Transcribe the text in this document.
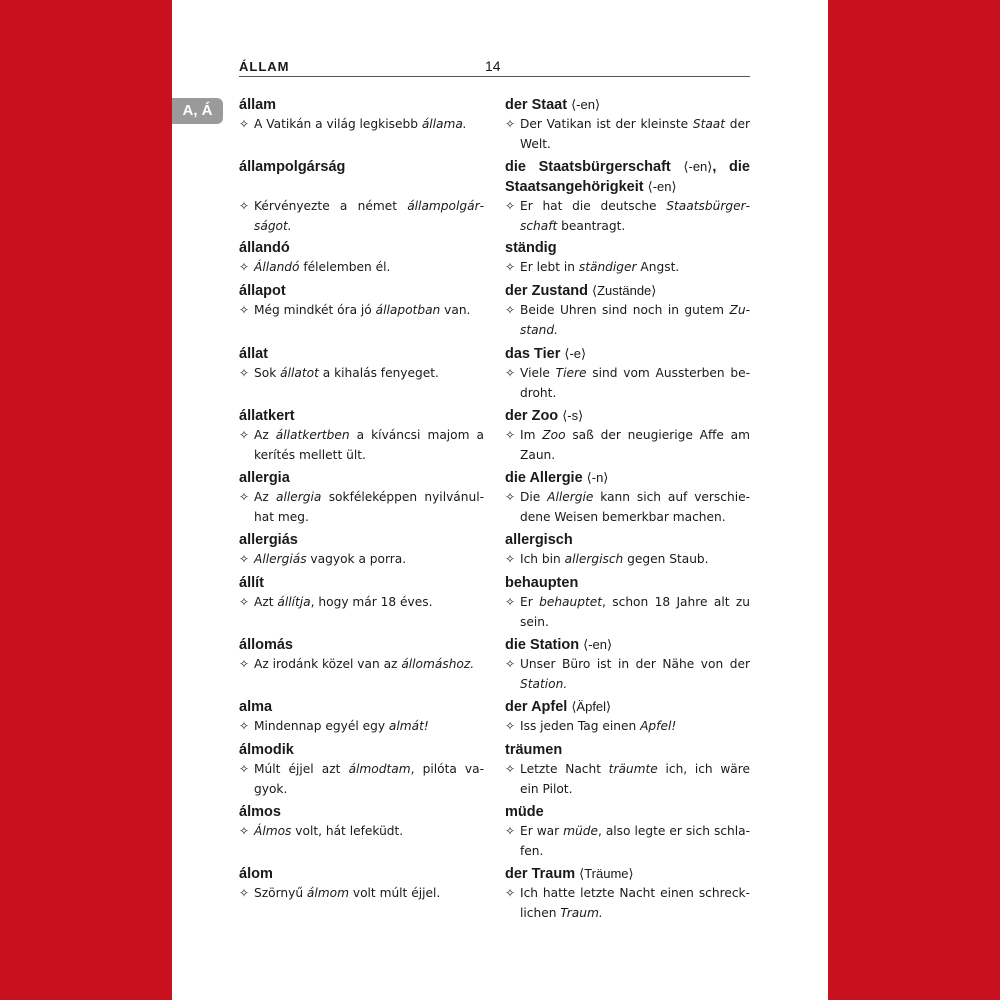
ÁLLAM	14
A, Á	állam
✧ A Vatikán a világ legkisebb állama.
der Staat ⟨-en⟩
✧ Der Vatikan ist der kleinste Staat der Welt.
állampolgárság
✧ Kérvényezte a német állampolgárságot.
die Staatsbürgerschaft ⟨-en⟩, die Staatsangehörigkeit ⟨-en⟩
✧ Er hat die deutsche Staatsbürgerschaft beantragt.
állandó
✧ Állandó félelemben él.
ständig
✧ Er lebt in ständiger Angst.
állapot
✧ Még mindkét óra jó állapotban van.
der Zustand ⟨Zustände⟩
✧ Beide Uhren sind noch in gutem Zustand.
állat
✧ Sok állatot a kihalás fenyeget.
das Tier ⟨-e⟩
✧ Viele Tiere sind vom Aussterben bedroht.
állatkert
✧ Az állatkertben a kíváncsi majom a kerítés mellett ült.
der Zoo ⟨-s⟩
✧ Im Zoo saß der neugierige Affe am Zaun.
allergia
✧ Az allergia sokféleképpen nyilvánulhat meg.
die Allergie ⟨-n⟩
✧ Die Allergie kann sich auf verschiedene Weisen bemerkbar machen.
allergiás
✧ Allergiás vagyok a porra.
allergisch
✧ Ich bin allergisch gegen Staub.
állít
✧ Azt állítja, hogy már 18 éves.
behaupten
✧ Er behauptet, schon 18 Jahre alt zu sein.
állomás
✧ Az irodánk közel van az állomáshoz.
die Station ⟨-en⟩
✧ Unser Büro ist in der Nähe von der Station.
alma
✧ Mindennap egyél egy almát!
der Apfel ⟨Äpfel⟩
✧ Iss jeden Tag einen Apfel!
álmodik
✧ Múlt éjjel azt álmodtam, pilóta vagyok.
träumen
✧ Letzte Nacht träumte ich, ich wäre ein Pilot.
álmos
✧ Álmos volt, hát lefeküdt.
müde
✧ Er war müde, also legte er sich schlafen.
álom
✧ Szörnyű álmom volt múlt éjjel.
der Traum ⟨Träume⟩
✧ Ich hatte letzte Nacht einen schrecklichen Traum.
